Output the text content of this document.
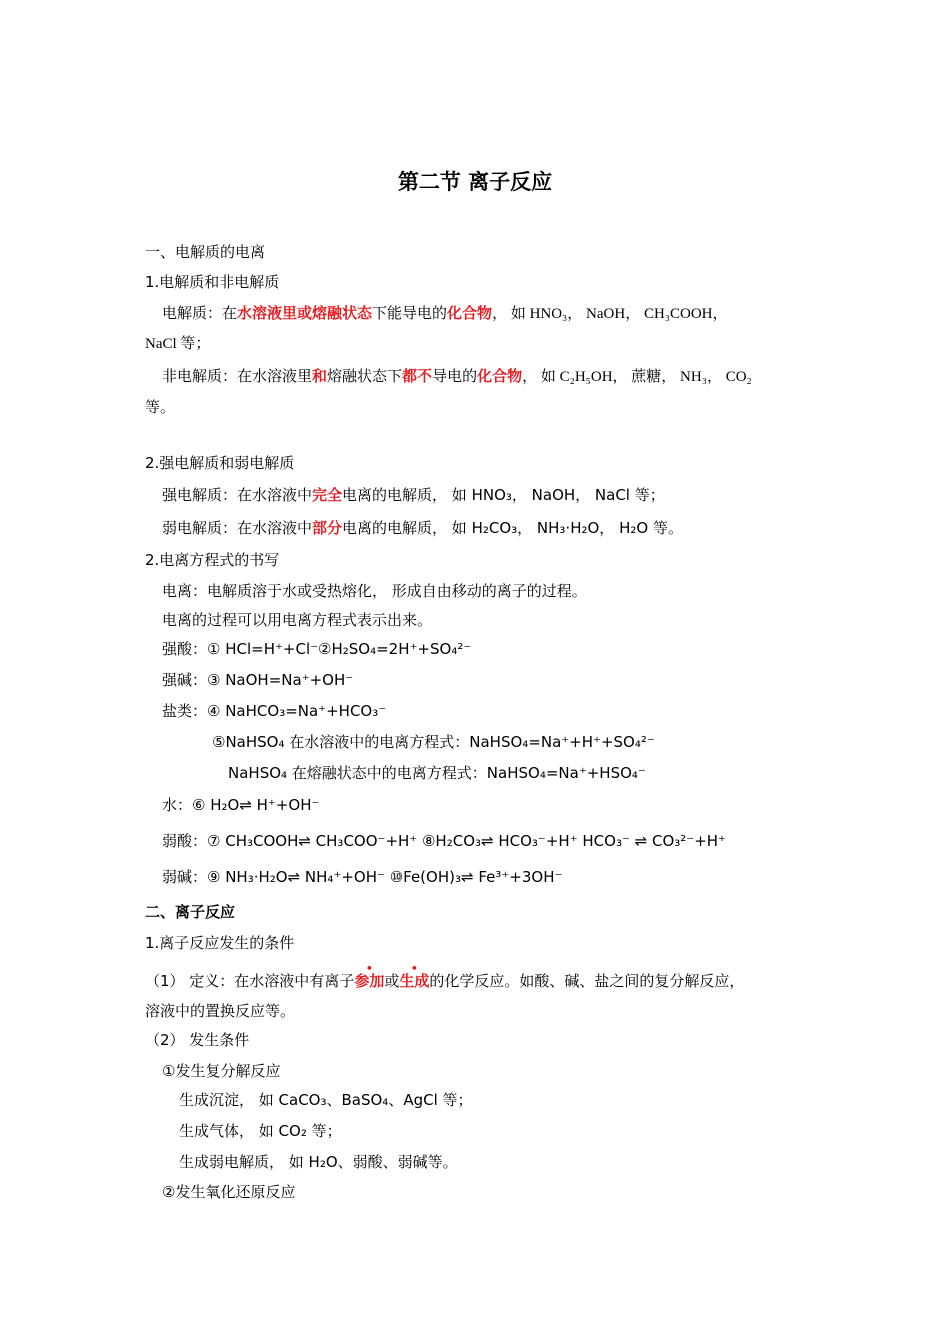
第二节 离子反应
一、电解质的电离
1.电解质和非电解质
电解质：在水溶液里或熔融状态下能导电的化合物， 如 HNO₃， NaOH， CH₃COOH，
NaCl 等；
非电解质：在水溶液里和熔融状态下都不导电的化合物， 如 C₂H₅OH， 蔗糖， NH₃， CO₂
等。
2.强电解质和弱电解质
强电解质：在水溶液中完全电离的电解质， 如 HNO₃， NaOH， NaCl 等；
弱电解质：在水溶液中部分电离的电解质， 如 H₂CO₃， NH₃·H₂O， H₂O 等。
2.电离方程式的书写
电离：电解质溶于水或受热熔化， 形成自由移动的离子的过程。
电离的过程可以用电离方程式表示出来。
强酸：① HCl=H⁺+Cl⁻②H₂SO₄=2H⁺+SO₄²⁻
强碱：③ NaOH=Na⁺+OH⁻
盐类：④ NaHCO₃=Na⁺+HCO₃⁻
⑤NaHSO₄ 在水溶液中的电离方程式：NaHSO₄=Na⁺+H⁺+SO₄²⁻
NaHSO₄ 在熔融状态中的电离方程式：NaHSO₄=Na⁺+HSO₄⁻
水：⑥ H₂O⇌ H⁺+OH⁻
弱酸：⑦ CH₃COOH⇌ CH₃COO⁻+H⁺ ⑧H₂CO₃⇌ HCO₃⁻+H⁺ HCO₃⁻ ⇌ CO₃²⁻+H⁺
弱碱：⑨ NH₃·H₂O⇌ NH₄⁺+OH⁻ ⑩Fe(OH)₃⇌ Fe³⁺+3OH⁻
二、离子反应
1.离子反应发生的条件
（1） 定义：在水溶液中有离子参加或生成的化学反应。如酸、碱、盐之间的复分解反应，
溶液中的置换反应等。
（2） 发生条件
①发生复分解反应
生成沉淀， 如 CaCO₃、BaSO₄、AgCl 等；
生成气体， 如 CO₂ 等；
生成弱电解质， 如 H₂O、弱酸、弱碱等。
②发生氧化还原反应
